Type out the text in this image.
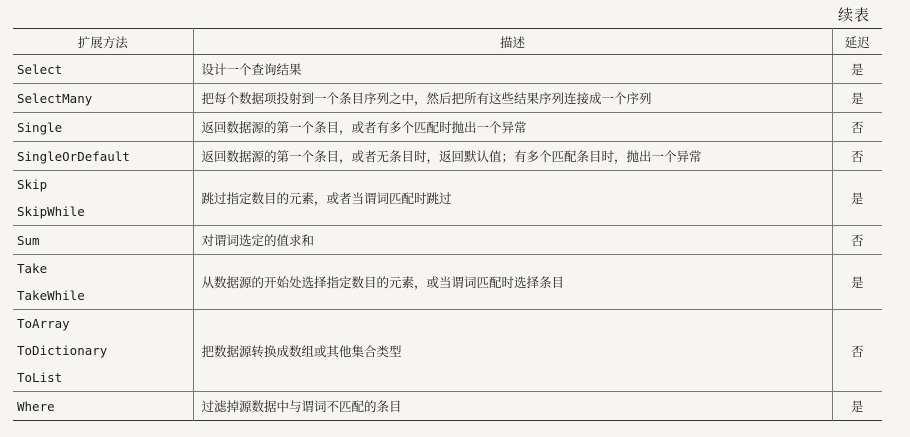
续表
扩展方法	描述	延迟

Select	设计一个查询结果	是

SelectMany	把每个数据项投射到一个条目序列之中，然后把所有这些结果序列连接成一个序列	是

Single	返回数据源的第一个条目，或者有多个匹配时抛出一个异常	否

SingleOrDefault	返回数据源的第一个条目，或者无条目时，返回默认值；有多个匹配条目时，抛出一个异常	否

Skip
SkipWhile	跳过指定数目的元素，或者当谓词匹配时跳过	是

Sum	对谓词选定的值求和	否

Take
TakeWhile	从数据源的开始处选择指定数目的元素，或当谓词匹配时选择条目	是

ToArray
ToDictionary
ToList	把数据源转换成数组或其他集合类型	否

Where	过滤掉源数据中与谓词不匹配的条目	是
